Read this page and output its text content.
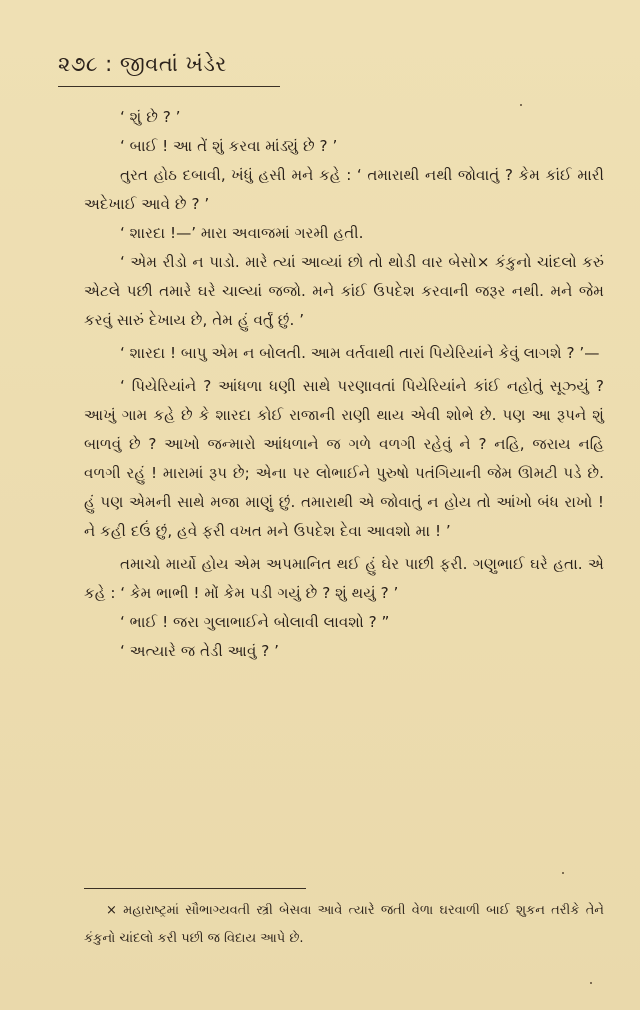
૨૭૮ : જીવતાં ખંડેર

‘ શું છે ? ’

‘ બાઈ ! આ તેં શું કરવા માંડ્યું છે ? ’

તુરત હોઠ દબાવી, ખંધું હસી મને કહે : ‘ તમારાથી નથી જોવાતું ? કેમ કાંઈ મારી અદેખાઈ આવે છે ? ’

‘ શારદા !—’ મારા અવાજમાં ગરમી હતી.

‘ એમ રીડો ન પાડો. મારે ત્યાં આવ્યાં છો તો થોડી વાર બેસો× કંકુનો ચાંદલો કરું એટલે પછી તમારે ઘરે ચાલ્યાં જજો. મને કાંઈ ઉપદેશ કરવાની જરૂર નથી. મને જેમ કરવું સારું દેખાય છે, તેમ હું વર્તું છું. ’

‘ શારદા ! બાપુ એમ ન બોલતી. આમ વર્તવાથી તારાં પિયેરિયાંને કેવું લાગશે ? ’—

‘ પિયેરિયાંને ? આંધળા ધણી સાથે પરણાવતાં પિયેરિયાંને કાંઈ નહોતું સૂઝ્યું ? આખું ગામ કહે છે કે શારદા કોઈ રાજાની રાણી થાય એવી શોભે છે. પણ આ રૂપને શું બાળવું છે ? આખો જન્મારો આંધળાને જ ગળે વળગી રહેવું ને ? નહિ, જરાય નહિ વળગી રહું ! મારામાં રૂપ છે; એના પર લોભાઈને પુરુષો પતંગિયાની જેમ ઊમટી પડે છે. હું પણ એમની સાથે મજા માણું છું. તમારાથી એ જોવાતું ન હોય તો આંખો બંધ રાખો ! ને કહી દઉં છું, હવે ફરી વખત મને ઉપદેશ દેવા આવશો મા ! ’

તમાચો માર્યો હોય એમ અપમાનિત થઈ હું ઘેર પાછી ફરી. ગણુભાઈ ઘરે હતા. એ કહે : ‘ કેમ ભાભી ! મોં કેમ પડી ગયું છે ? શું થયું ? ’

‘ ભાઈ ! જરા ગુલાભાઈને બોલાવી લાવશો ? ”

‘ અત્યારે જ તેડી આવું ? ’

× મહારાષ્ટ્રમાં સૌભાગ્યવતી સ્ત્રી બેસવા આવે ત્યારે જતી વેળા ઘરવાળી બાઈ શુકન તરીકે તેને કંકુનો ચાંદલો કરી પછી જ વિદાય આપે છે.
